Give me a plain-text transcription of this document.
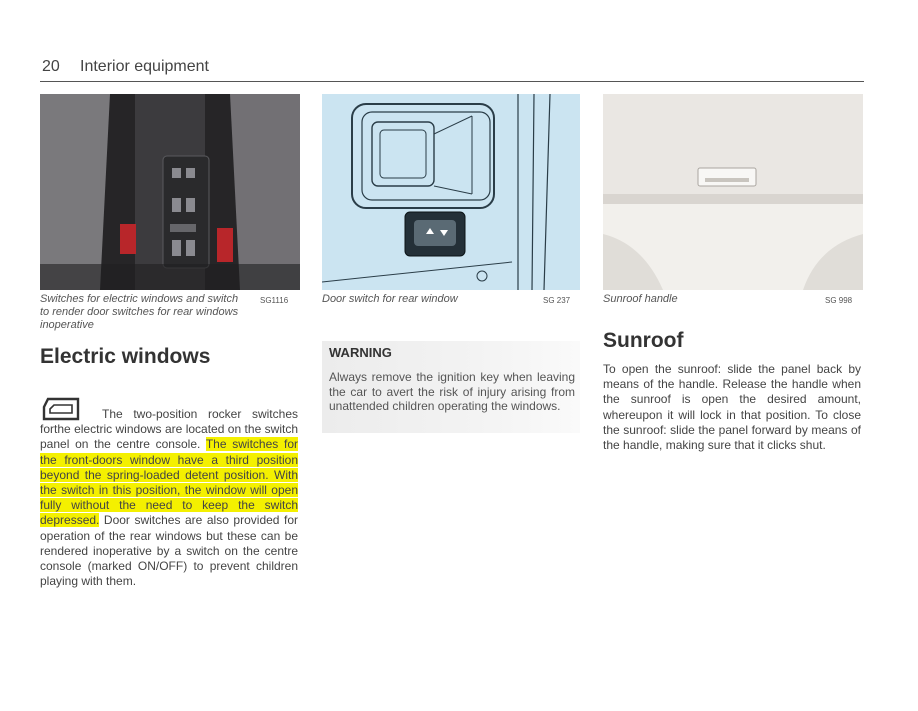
20 Interior equipment
Switches for electric windows and switch to render door switches for rear windows inoperative
SG1116	Door switch for rear window	SG 237	Sunroof handle	SG 998
Electric windows
The two-position rocker switches forthe electric windows are located on the switch panel on the centre console. The switches for the front-doors window have a third position beyond the spring-loaded detent position. With the switch in this position, the window will open fully without the need to keep the switch depressed. Door switches are also provided for operation of the rear windows but these can be rendered inoperative by a switch on the centre console (marked ON/OFF) to prevent children playing with them.
WARNING
Always remove the ignition key when leaving the car to avert the risk of injury arising from unattended children operating the windows.
Sunroof
To open the sunroof: slide the panel back by means of the handle. Release the handle when the sunroof is open the desired amount, whereupon it will lock in that position. To close the sunroof: slide the panel forward by means of the handle, making sure that it clicks shut.
